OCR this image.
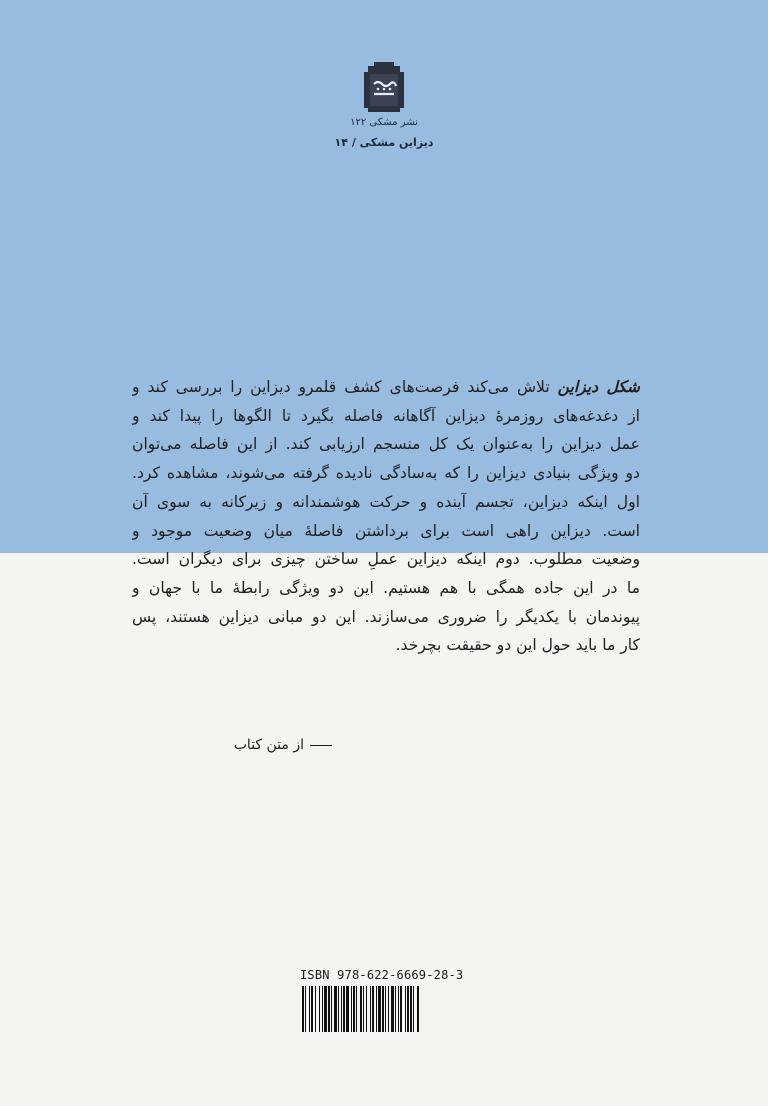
نشر مشکی ۱۲۲
دیزاین مشکی / ۱۴
شکل دیزاین تلاش می‌کند فرصت‌های کشف قلمرو دیزاین را بررسی کند و
از دغدغه‌های روزمرۀ دیزاین آگاهانه فاصله بگیرد تا الگوها را پیدا کند و
عمل دیزاین را به‌عنوان یک کل منسجم ارزیابی کند. از این فاصله می‌توان
دو ویژگی بنیادی دیزاین را که به‌سادگی نادیده گرفته می‌شوند، مشاهده کرد.
اول اینکه دیزاین، تجسم آینده و حرکت هوشمندانه و زیرکانه به سوی آن
است. دیزاین راهی است برای برداشتن فاصلۀ میان وضعیت موجود و
وضعیت مطلوب. دوم اینکه دیزاین عملِ ساختن چیزی برای دیگران است.
ما در این جاده همگی با هم هستیم. این دو ویژگی رابطۀ ما با جهان و
پیوندمان با یکدیگر را ضروری می‌سازند. این دو مبانی دیزاین هستند، پس
کار ما باید حول این دو حقیقت بچرخد.
از متن کتاب
ISBN 978-622-6669-28-3
